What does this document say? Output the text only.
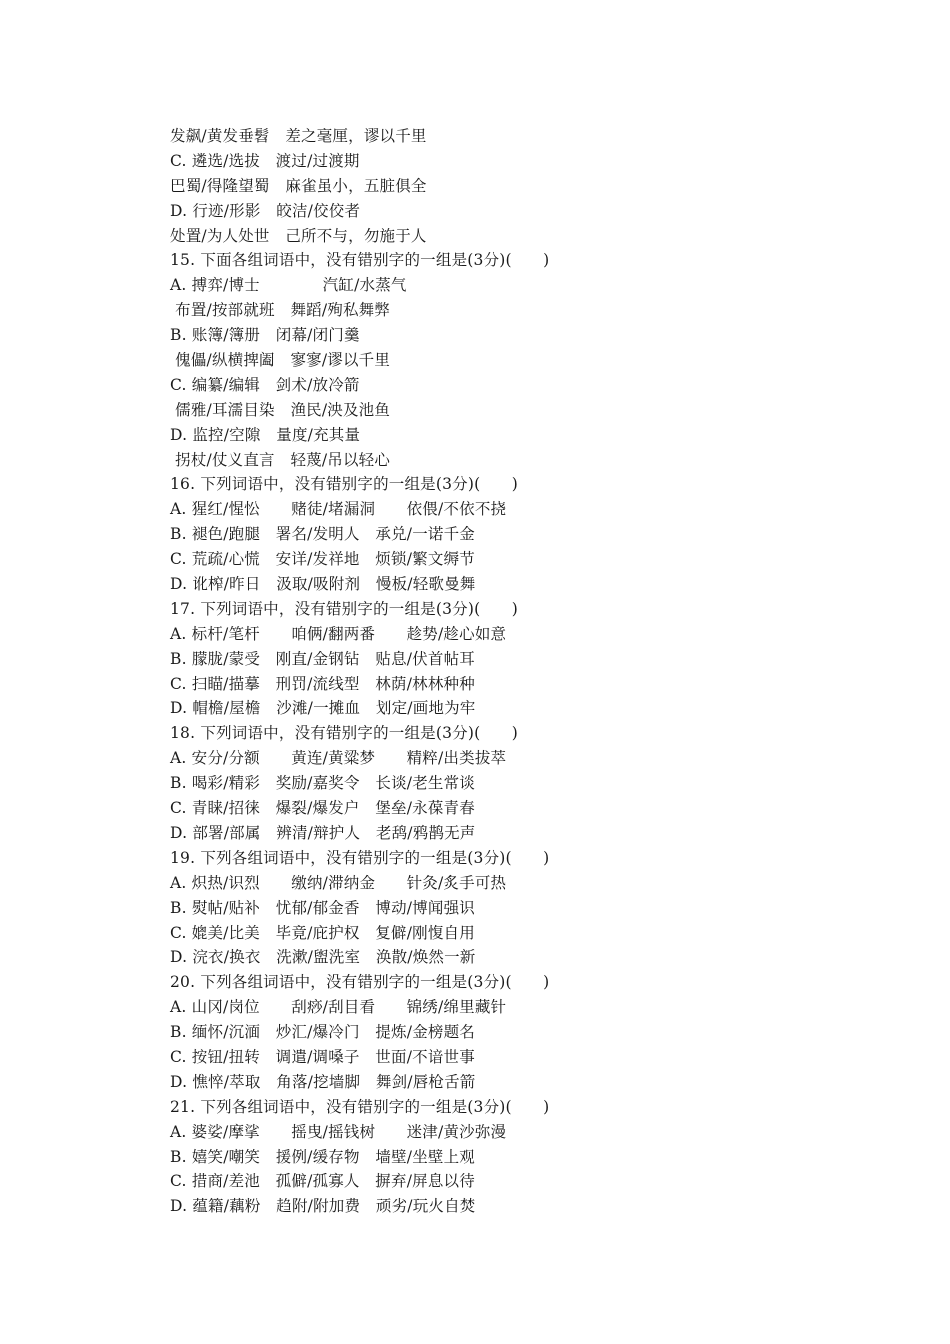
发飙/黄发垂髫　差之毫厘，谬以千里
C. 遴选/选拔　渡过/过渡期
巴蜀/得隆望蜀　麻雀虽小，五脏俱全
D. 行迹/形影　皎洁/佼佼者
处置/为人处世　己所不与，勿施于人
15. 下面各组词语中，没有错别字的一组是(3分)(　　)
A. 搏弈/博士　　　　汽缸/水蒸气
布置/按部就班　舞蹈/殉私舞弊
B. 账簿/簿册　闭幕/闭门羹
傀儡/纵横捭阖　寥寥/谬以千里
C. 编纂/编辑　剑术/放冷箭
儒雅/耳濡目染　渔民/泱及池鱼
D. 监控/空隙　量度/充其量
拐杖/仗义直言　轻蔑/吊以轻心
16. 下列词语中，没有错别字的一组是(3分)(　　)
A. 猩红/惺忪　　赌徒/堵漏洞　　依偎/不依不挠
B. 褪色/跑腿　署名/发明人　承兑/一诺千金
C. 荒疏/心慌　安详/发祥地　烦锁/繁文缛节
D. 讹榨/昨日　汲取/吸附剂　慢板/轻歌曼舞
17. 下列词语中，没有错别字的一组是(3分)(　　)
A. 标杆/笔杆　　咱俩/翻两番　　趁势/趁心如意
B. 朦胧/蒙受　刚直/金钢钻　贴息/伏首帖耳
C. 扫瞄/描摹　刑罚/流线型　林荫/林林种种
D. 帽檐/屋檐　沙滩/一摊血　划定/画地为牢
18. 下列词语中，没有错别字的一组是(3分)(　　)
A. 安分/分额　　黄连/黄粱梦　　精粹/出类拔萃
B. 喝彩/精彩　奖励/嘉奖令　长谈/老生常谈
C. 青睐/招徕　爆裂/爆发户　堡垒/永葆青春
D. 部署/部属　辨清/辩护人　老鸹/鸦鹊无声
19. 下列各组词语中，没有错别字的一组是(3分)(　　)
A. 炽热/识烈　　缴纳/滞纳金　　针灸/炙手可热
B. 熨帖/贴补　忧郁/郁金香　博动/博闻强识
C. 媲美/比美　毕竟/庇护权　复僻/刚愎自用
D. 浣衣/换衣　洗漱/盥洗室　涣散/焕然一新
20. 下列各组词语中，没有错别字的一组是(3分)(　　)
A. 山冈/岗位　　刮痧/刮目看　　锦绣/绵里藏针
B. 缅怀/沉湎　炒汇/爆冷门　提炼/金榜题名
C. 按钮/扭转　调遣/调嗓子　世面/不谙世事
D. 憔悴/萃取　角落/挖墙脚　舞剑/唇枪舌箭
21. 下列各组词语中，没有错别字的一组是(3分)(　　)
A. 婆娑/摩挲　　摇曳/摇钱树　　迷津/黄沙弥漫
B. 嬉笑/嘲笑　援例/缓存物　墙壁/坐壁上观
C. 措商/差池　孤僻/孤寡人　摒弃/屏息以待
D. 蕴籍/藕粉　趋附/附加费　顽劣/玩火自焚
